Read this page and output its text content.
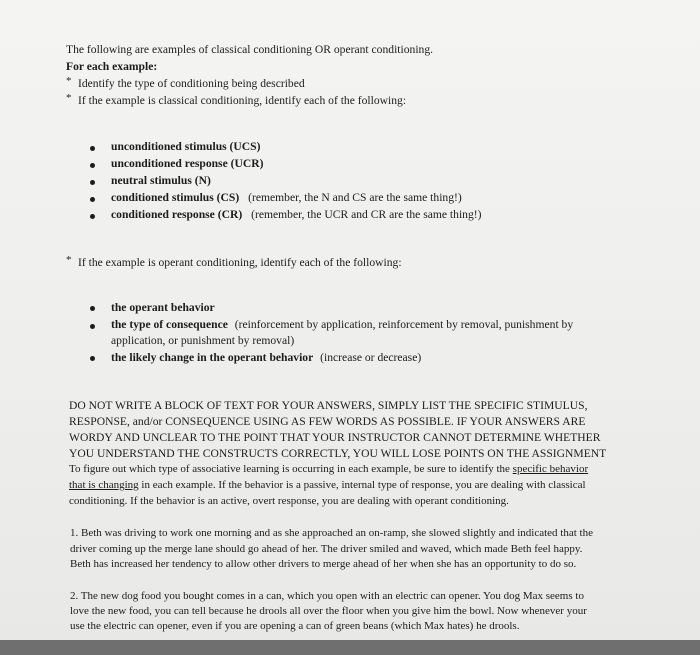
The following are examples of classical conditioning OR operant conditioning.
For each example:
* Identify the type of conditioning being described
* If the example is classical conditioning, identify each of the following:
unconditioned stimulus (UCS)
unconditioned response (UCR)
neutral stimulus (N)
conditioned stimulus (CS) (remember, the N and CS are the same thing!)
conditioned response (CR) (remember, the UCR and CR are the same thing!)
* If the example is operant conditioning, identify each of the following:
the operant behavior
the type of consequence (reinforcement by application, reinforcement by removal, punishment by
application, or punishment by removal)
the likely change in the operant behavior (increase or decrease)
DO NOT WRITE A BLOCK OF TEXT FOR YOUR ANSWERS, SIMPLY LIST THE SPECIFIC STIMULUS,
RESPONSE, and/or CONSEQUENCE USING AS FEW WORDS AS POSSIBLE. IF YOUR ANSWERS ARE
WORDY AND UNCLEAR TO THE POINT THAT YOUR INSTRUCTOR CANNOT DETERMINE WHETHER
YOU UNDERSTAND THE CONSTRUCTS CORRECTLY, YOU WILL LOSE POINTS ON THE ASSIGNMENT
To figure out which type of associative learning is occurring in each example, be sure to identify the specific behavior
that is changing in each example. If the behavior is a passive, internal type of response, you are dealing with classical
conditioning. If the behavior is an active, overt response, you are dealing with operant conditioning.
1. Beth was driving to work one morning and as she approached an on-ramp, she slowed slightly and indicated that the
driver coming up the merge lane should go ahead of her. The driver smiled and waved, which made Beth feel happy.
Beth has increased her tendency to allow other drivers to merge ahead of her when she has an opportunity to do so.
2. The new dog food you bought comes in a can, which you open with an electric can opener. You dog Max seems to
love the new food, you can tell because he drools all over the floor when you give him the bowl. Now whenever your
use the electric can opener, even if you are opening a can of green beans (which Max hates) he drools.
